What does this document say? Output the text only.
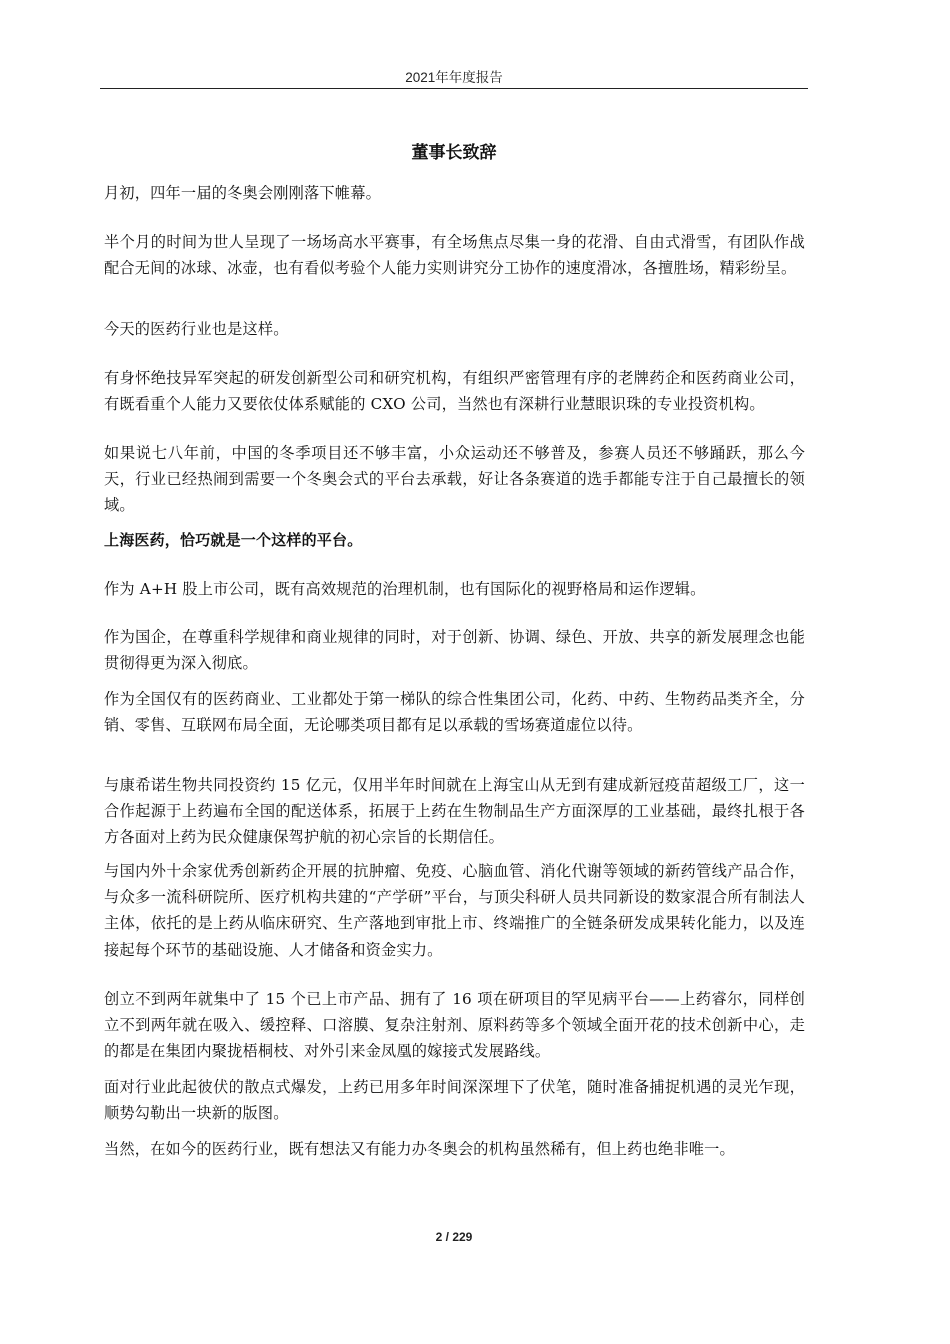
2021年年度报告
董事长致辞

月初，四年一届的冬奥会刚刚落下帷幕。

半个月的时间为世人呈现了一场场高水平赛事，有全场焦点尽集一身的花滑、自由式滑雪，有团队作战配合无间的冰球、冰壶，也有看似考验个人能力实则讲究分工协作的速度滑冰，各擅胜场，精彩纷呈。

今天的医药行业也是这样。

有身怀绝技异军突起的研发创新型公司和研究机构，有组织严密管理有序的老牌药企和医药商业公司，有既看重个人能力又要依仗体系赋能的 CXO 公司，当然也有深耕行业慧眼识珠的专业投资机构。

如果说七八年前，中国的冬季项目还不够丰富，小众运动还不够普及，参赛人员还不够踊跃，那么今天，行业已经热闹到需要一个冬奥会式的平台去承载，好让各条赛道的选手都能专注于自己最擅长的领域。

上海医药，恰巧就是一个这样的平台。

作为 A+H 股上市公司，既有高效规范的治理机制，也有国际化的视野格局和运作逻辑。

作为国企，在尊重科学规律和商业规律的同时，对于创新、协调、绿色、开放、共享的新发展理念也能贯彻得更为深入彻底。

作为全国仅有的医药商业、工业都处于第一梯队的综合性集团公司，化药、中药、生物药品类齐全，分销、零售、互联网布局全面，无论哪类项目都有足以承载的雪场赛道虚位以待。

与康希诺生物共同投资约 15 亿元，仅用半年时间就在上海宝山从无到有建成新冠疫苗超级工厂，这一合作起源于上药遍布全国的配送体系，拓展于上药在生物制品生产方面深厚的工业基础，最终扎根于各方各面对上药为民众健康保驾护航的初心宗旨的长期信任。

与国内外十余家优秀创新药企开展的抗肿瘤、免疫、心脑血管、消化代谢等领域的新药管线产品合作，与众多一流科研院所、医疗机构共建的“产学研”平台，与顶尖科研人员共同新设的数家混合所有制法人主体，依托的是上药从临床研究、生产落地到审批上市、终端推广的全链条研发成果转化能力，以及连接起每个环节的基础设施、人才储备和资金实力。

创立不到两年就集中了 15 个已上市产品、拥有了 16 项在研项目的罕见病平台——上药睿尔，同样创立不到两年就在吸入、缓控释、口溶膜、复杂注射剂、原料药等多个领域全面开花的技术创新中心，走的都是在集团内聚拢梧桐枝、对外引来金凤凰的嫁接式发展路线。

面对行业此起彼伏的散点式爆发，上药已用多年时间深深埋下了伏笔，随时准备捕捉机遇的灵光乍现，顺势勾勒出一块新的版图。

当然，在如今的医药行业，既有想法又有能力办冬奥会的机构虽然稀有，但上药也绝非唯一。

2 / 229
